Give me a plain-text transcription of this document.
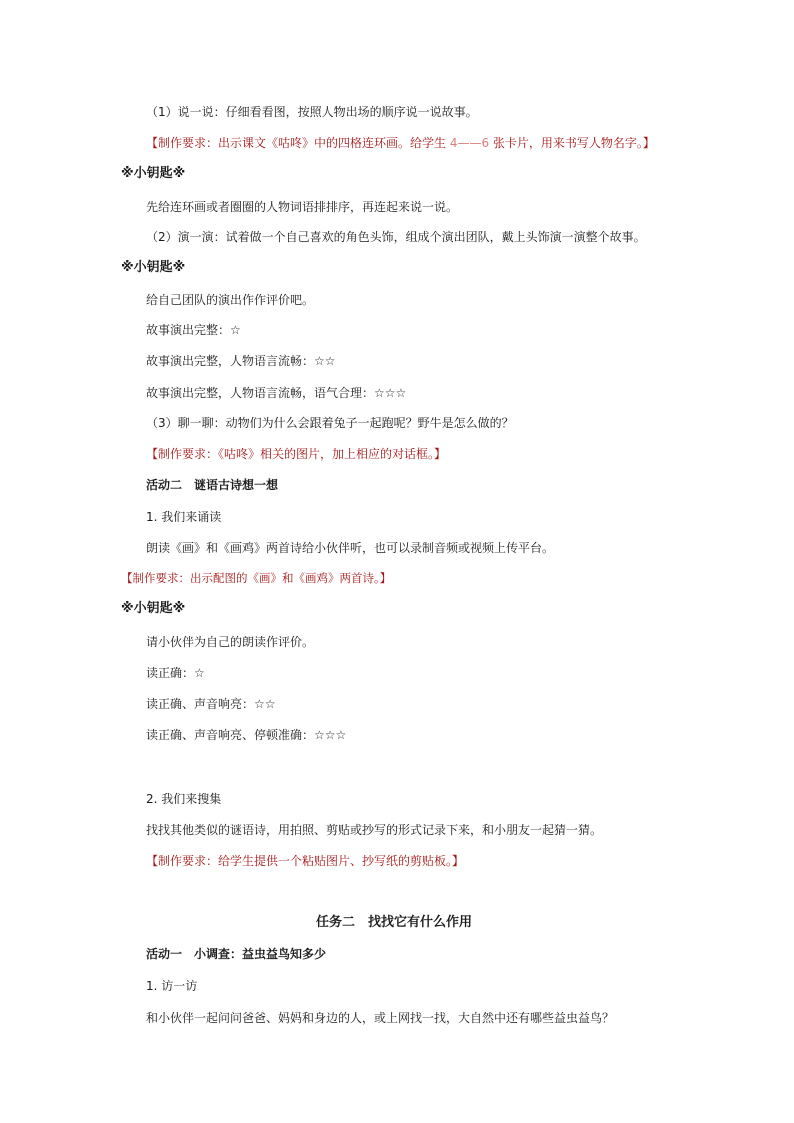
（1）说一说：仔细看看图，按照人物出场的顺序说一说故事。
【制作要求：出示课文《咕咚》中的四格连环画。给学生 4——6 张卡片，用来书写人物名字。】
※小钥匙※
先给连环画或者圈圈的人物词语排排序，再连起来说一说。
（2）演一演：试着做一个自己喜欢的角色头饰，组成个演出团队，戴上头饰演一演整个故事。
※小钥匙※
给自己团队的演出作作评价吧。
故事演出完整：☆
故事演出完整，人物语言流畅：☆☆
故事演出完整，人物语言流畅，语气合理：☆☆☆
（3）聊一聊：动物们为什么会跟着兔子一起跑呢？野牛是怎么做的？
【制作要求：《咕咚》相关的图片，加上相应的对话框。】
活动二　谜语古诗想一想
1. 我们来诵读
朗读《画》和《画鸡》两首诗给小伙伴听，也可以录制音频或视频上传平台。
【制作要求：出示配图的《画》和《画鸡》两首诗。】
※小钥匙※
请小伙伴为自己的朗读作评价。
读正确：☆
读正确、声音响亮：☆☆
读正确、声音响亮、停顿准确：☆☆☆
2. 我们来搜集
找找其他类似的谜语诗，用拍照、剪贴或抄写的形式记录下来，和小朋友一起猜一猜。
【制作要求：给学生提供一个粘贴图片、抄写纸的剪贴板。】
任务二　找找它有什么作用
活动一　小调查：益虫益鸟知多少
1. 访一访
和小伙伴一起问问爸爸、妈妈和身边的人，或上网找一找，大自然中还有哪些益虫益鸟？
